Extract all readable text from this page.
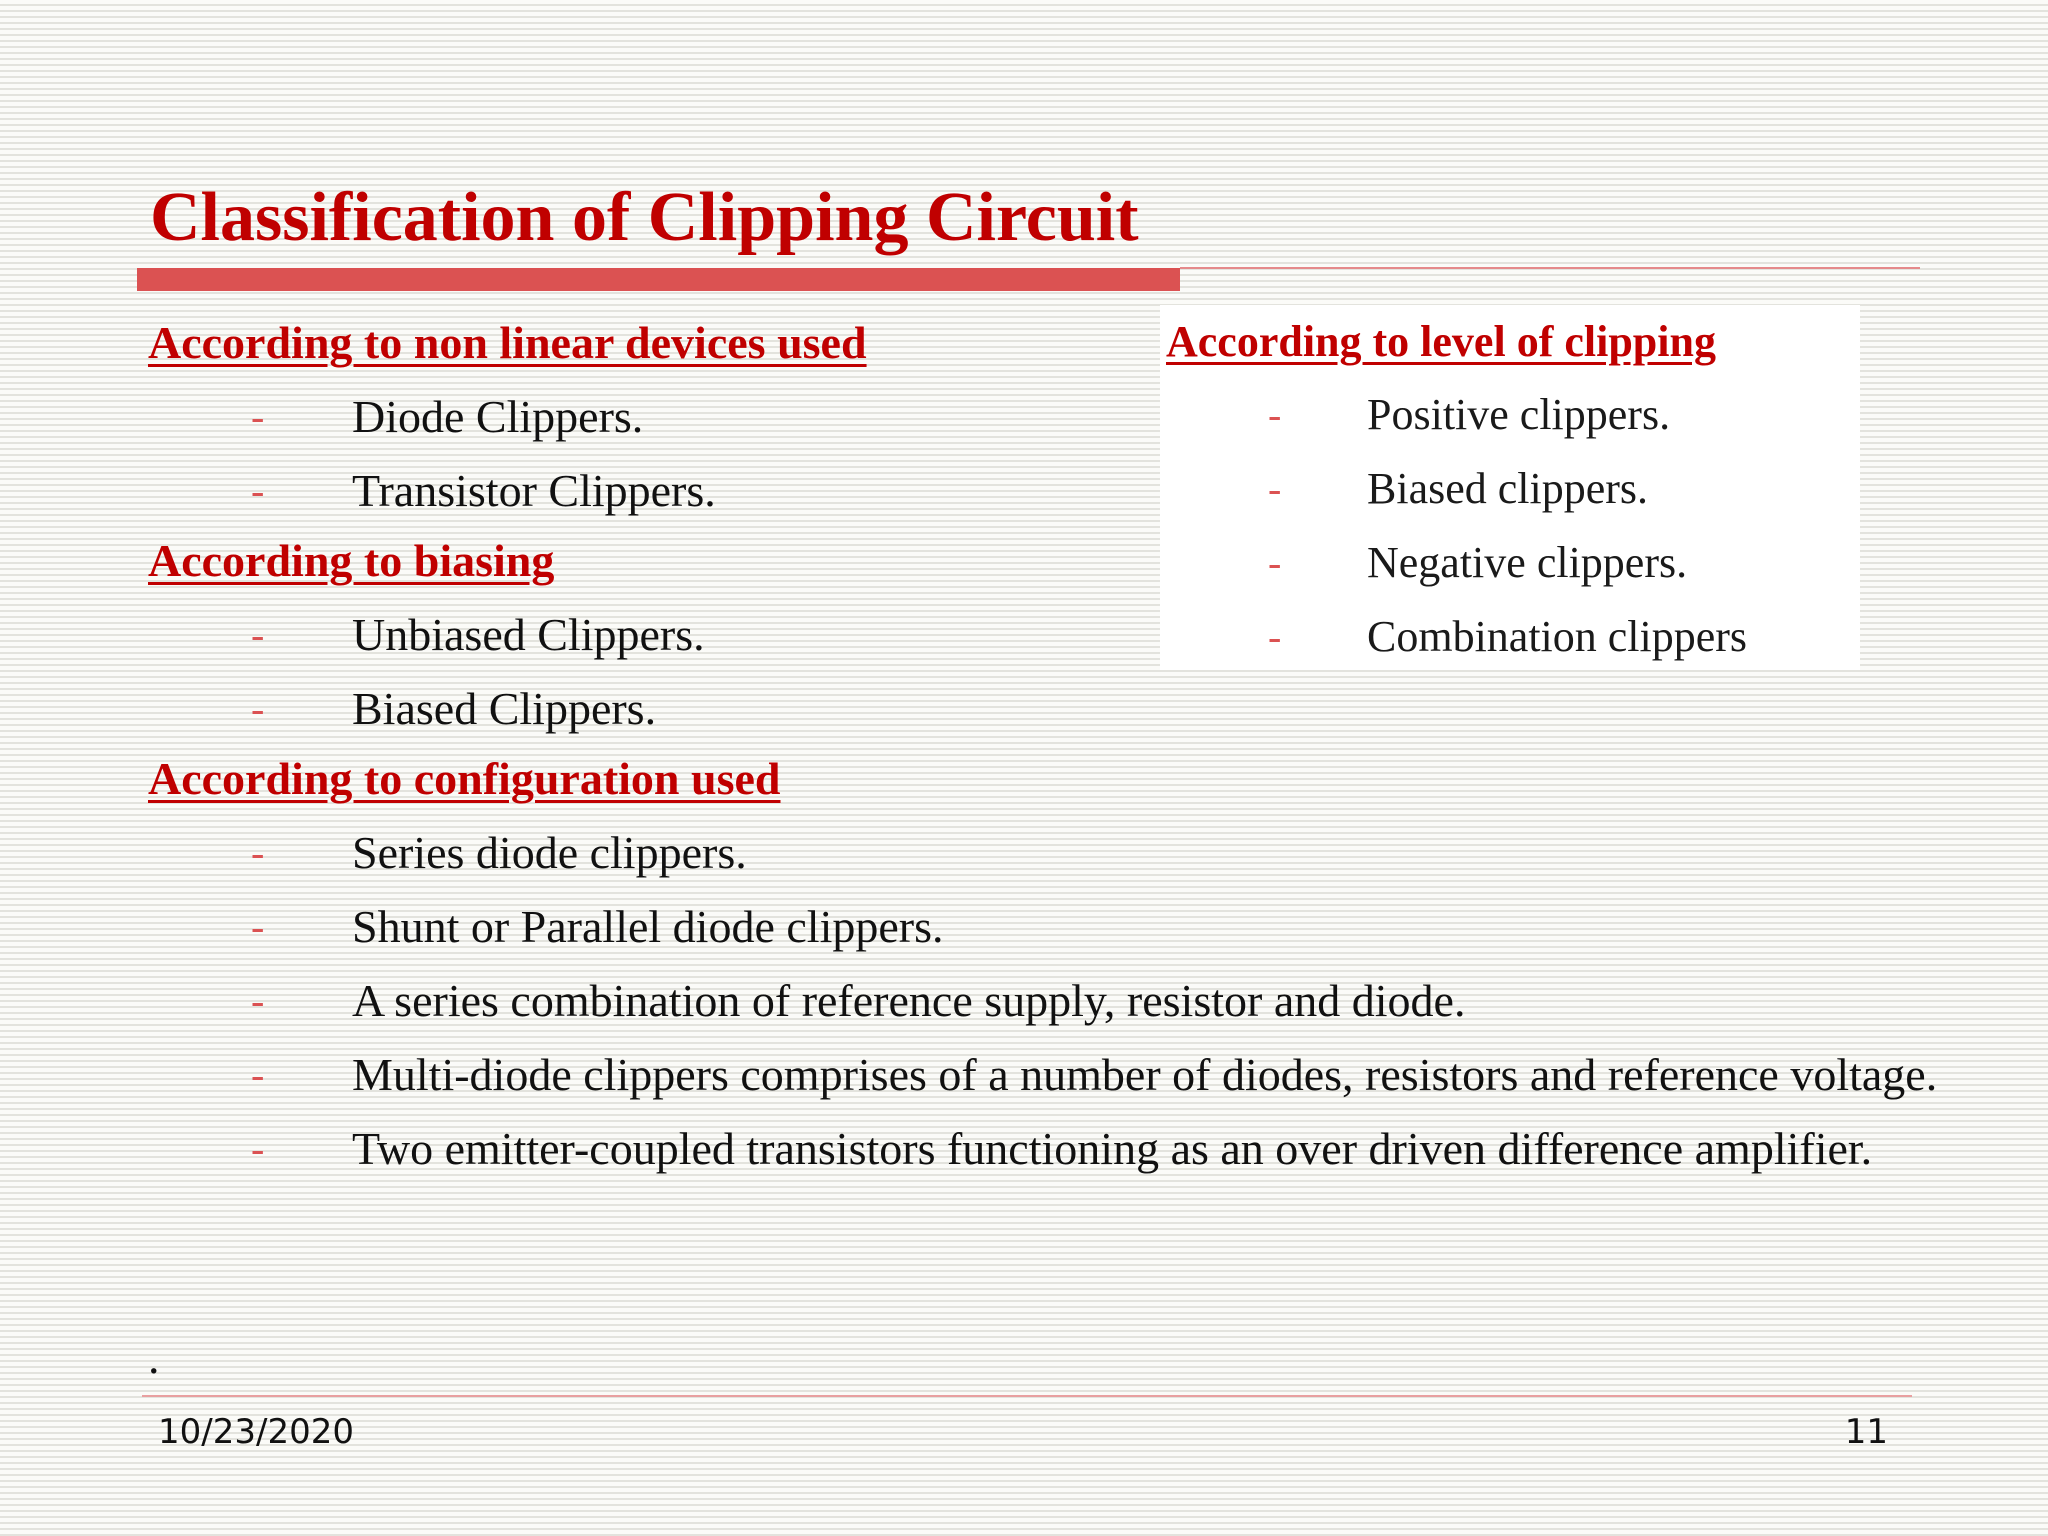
Classification of Clipping Circuit
According to non linear devices used
- Diode Clippers.
- Transistor Clippers.
According to biasing
- Unbiased Clippers.
- Biased Clippers.
According to configuration used
- Series diode clippers.
- Shunt or Parallel diode clippers.
- A series combination of reference supply, resistor and diode.
- Multi-diode clippers comprises of a number of diodes, resistors and reference voltage.
- Two emitter-coupled transistors functioning as an over driven difference amplifier.
.
According to level of clipping
- Positive clippers.
- Biased clippers.
- Negative clippers.
- Combination clippers
10/23/2020	11
